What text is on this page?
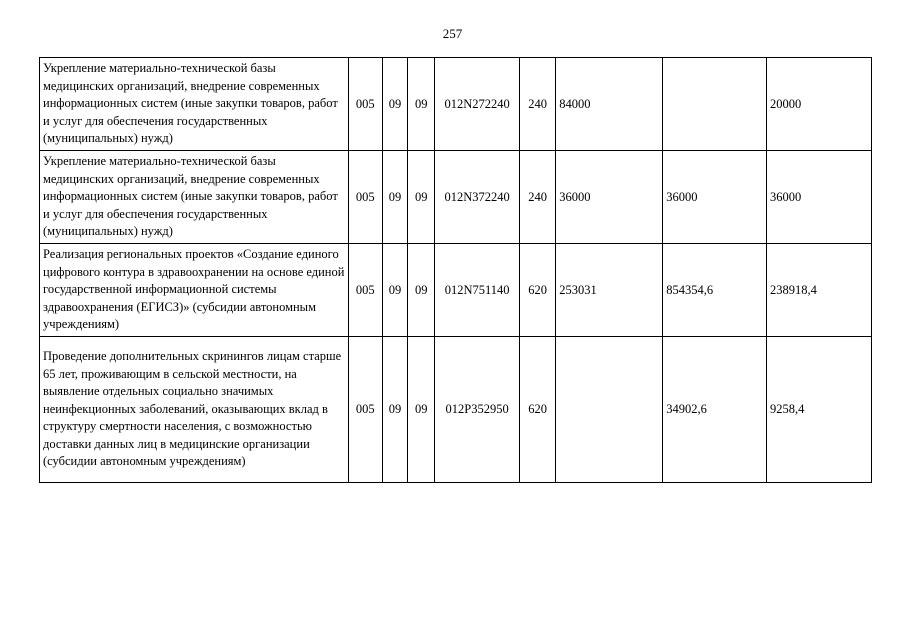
257
Укрепление материально-технической базы медицинских организаций, внедрение современных информационных систем (иные закупки товаров, работ и услуг для обеспечения государственных (муниципальных) нужд)	005	09	09	012N272240	240	84000		20000
Укрепление материально-технической базы медицинских организаций, внедрение современных информационных систем (иные закупки товаров, работ и услуг для обеспечения государственных (муниципальных) нужд)	005	09	09	012N372240	240	36000	36000	36000
Реализация региональных проектов «Создание единого цифрового контура в здравоохранении на основе единой государственной информационной системы здравоохранения (ЕГИСЗ)» (субсидии автономным учреждениям)	005	09	09	012N751140	620	253031	854354,6	238918,4
Проведение дополнительных скринингов лицам старше 65 лет, проживающим в сельской местности, на выявление отдельных социально значимых неинфекционных заболеваний, оказывающих вклад в структуру смертности населения, с возможностью доставки данных лиц в медицинские организации (субсидии автономным учреждениям)	005	09	09	012P352950	620		34902,6	9258,4
